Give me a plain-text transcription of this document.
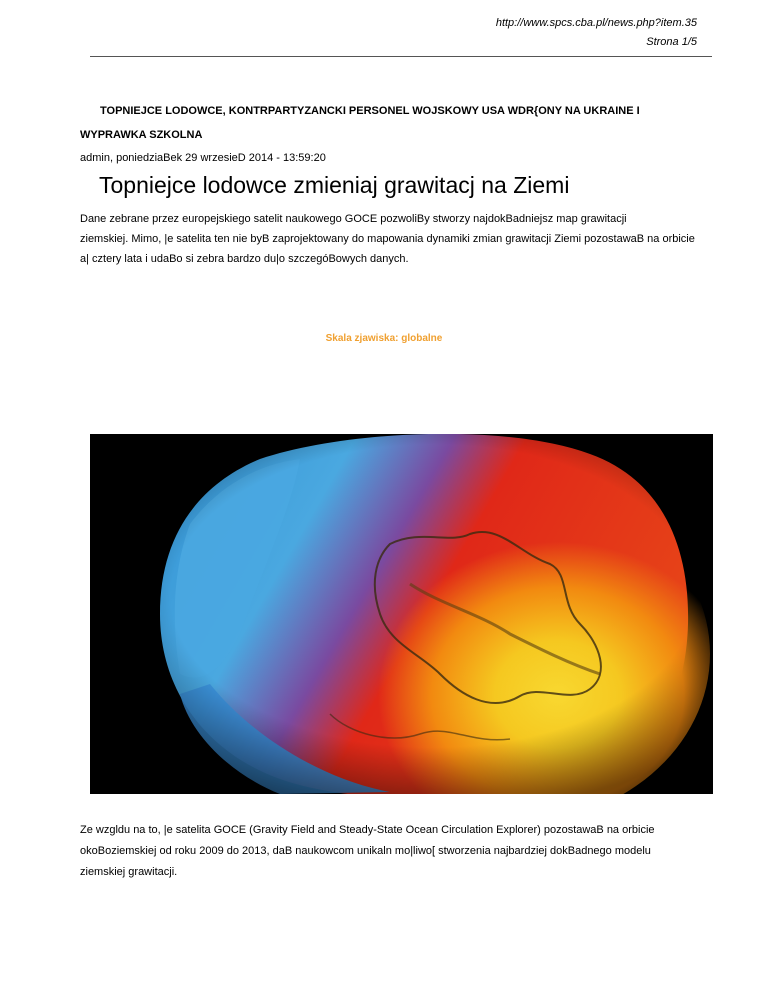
http://www.spcs.cba.pl/news.php?item.35
Strona 1/5
TOPNIEJCE LODOWCE, KONTRPARTYZANCKI PERSONEL WOJSKOWY USA WDR{ONY NA UKRAINE I
WYPRAWKA SZKOLNA
admin, poniedziaBek 29 wrzesieD 2014 - 13:59:20
Topniejce lodowce zmieniaj grawitacj na Ziemi

Dane zebrane przez europejskiego satelit naukowego GOCE pozwoliBy stworzy najdokBadniejsz map grawitacji
ziemskiej. Mimo, |e satelita ten nie byB zaprojektowany do mapowania dynamiki zmian grawitacji Ziemi pozostawaB na orbicie
a| cztery lata i udaBo si zebra bardzo du|o szczegóBowych danych.

Skala zjawiska: globalne

Ze wzgldu na to, |e satelita GOCE (Gravity Field and Steady-State Ocean Circulation Explorer) pozostawaB na orbicie
okoBoziemskiej od roku 2009 do 2013, daB naukowcom unikaln mo|liwo[ stworzenia najbardziej dokBadnego modelu
ziemskiej grawitacji.
